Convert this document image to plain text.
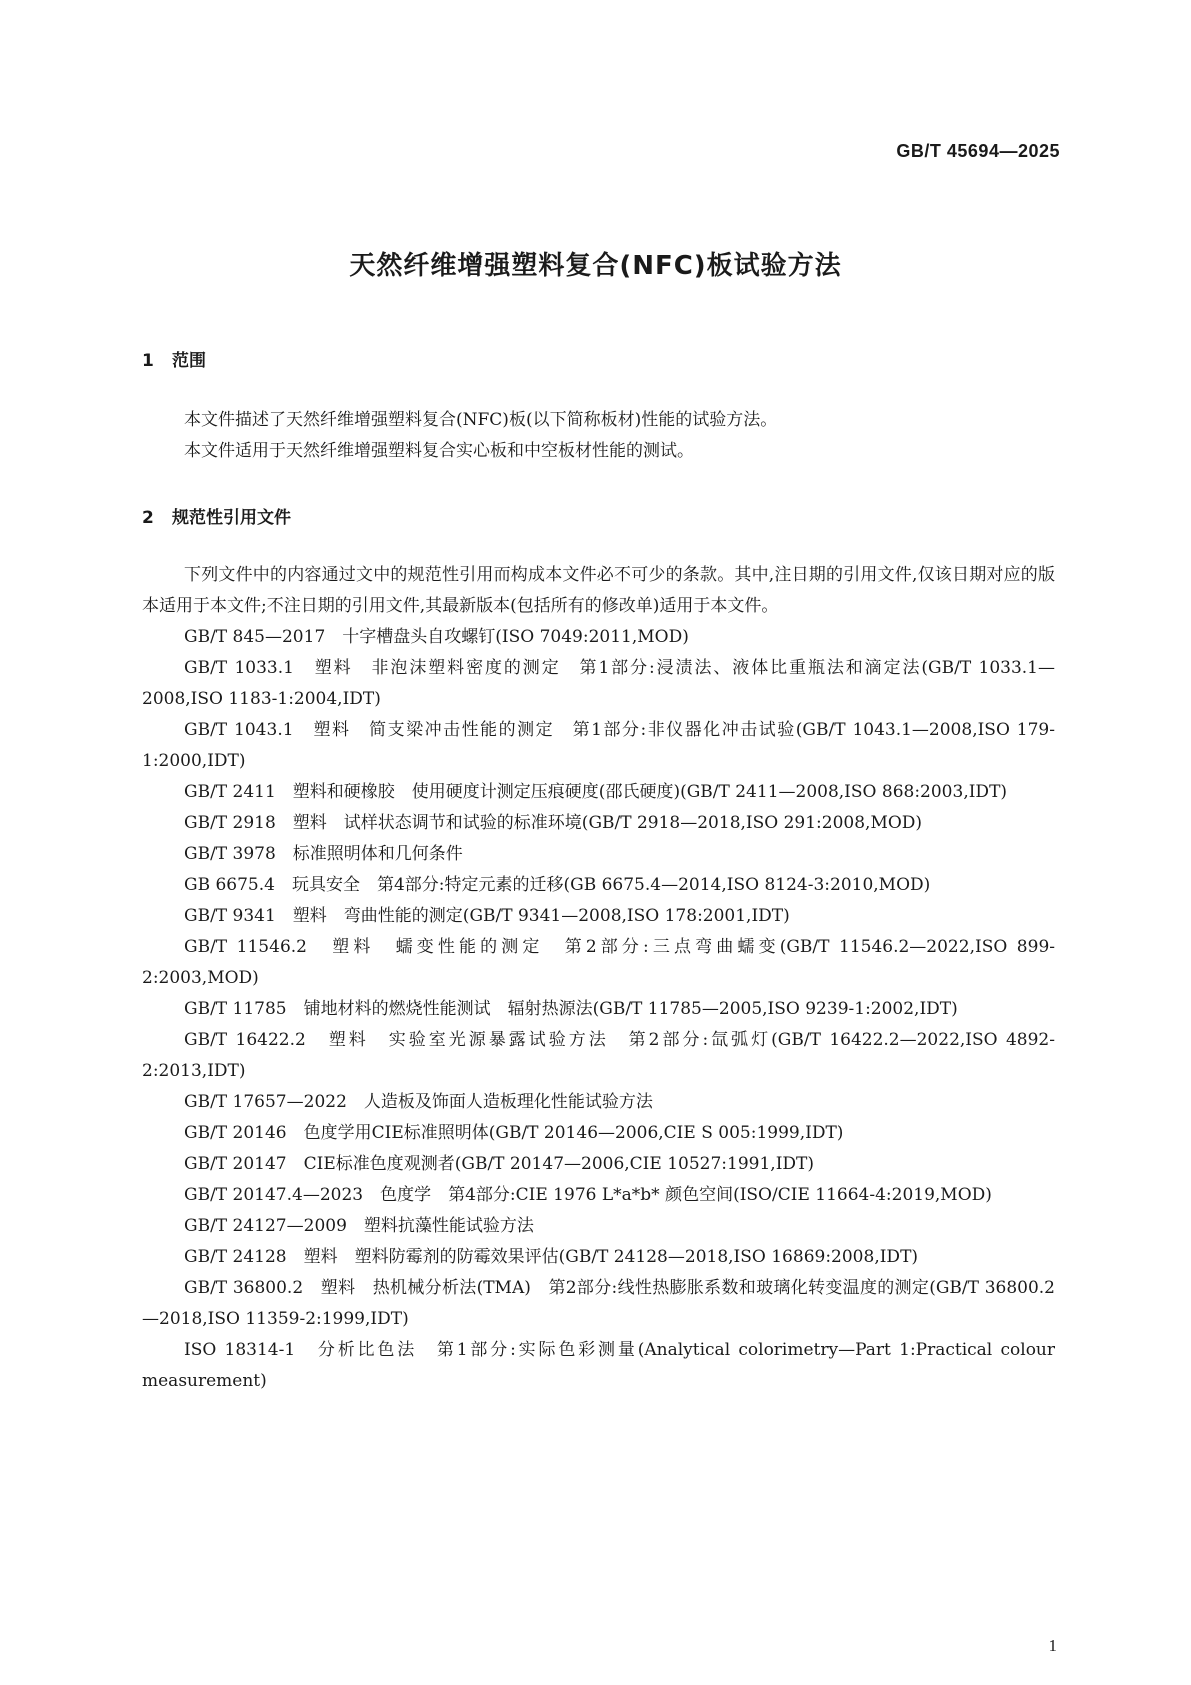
GB/T 45694—2025
天然纤维增强塑料复合(NFC)板试验方法
1 范围

本文件描述了天然纤维增强塑料复合(NFC)板(以下简称板材)性能的试验方法。

本文件适用于天然纤维增强塑料复合实心板和中空板材性能的测试。

2 规范性引用文件

下列文件中的内容通过文中的规范性引用而构成本文件必不可少的条款。其中,注日期的引用文件,仅该日期对应的版本适用于本文件;不注日期的引用文件,其最新版本(包括所有的修改单)适用于本文件。

GB/T 845—2017　十字槽盘头自攻螺钉(ISO 7049:2011,MOD)

GB/T 1033.1　塑料　非泡沫塑料密度的测定　第1部分:浸渍法、液体比重瓶法和滴定法(GB/T 1033.1—2008,ISO 1183-1:2004,IDT)

GB/T 1043.1　塑料　简支梁冲击性能的测定　第1部分:非仪器化冲击试验(GB/T 1043.1—2008,ISO 179-1:2000,IDT)

GB/T 2411　塑料和硬橡胶　使用硬度计测定压痕硬度(邵氏硬度)(GB/T 2411—2008,ISO 868:2003,IDT)

GB/T 2918　塑料　试样状态调节和试验的标准环境(GB/T 2918—2018,ISO 291:2008,MOD)

GB/T 3978　标准照明体和几何条件

GB 6675.4　玩具安全　第4部分:特定元素的迁移(GB 6675.4—2014,ISO 8124-3:2010,MOD)

GB/T 9341　塑料　弯曲性能的测定(GB/T 9341—2008,ISO 178:2001,IDT)

GB/T 11546.2　塑料　蠕变性能的测定　第2部分:三点弯曲蠕变(GB/T 11546.2—2022,ISO 899-2:2003,MOD)

GB/T 11785　铺地材料的燃烧性能测试　辐射热源法(GB/T 11785—2005,ISO 9239-1:2002,IDT)

GB/T 16422.2　塑料　实验室光源暴露试验方法　第2部分:氙弧灯(GB/T 16422.2—2022,ISO 4892-2:2013,IDT)

GB/T 17657—2022　人造板及饰面人造板理化性能试验方法

GB/T 20146　色度学用CIE标准照明体(GB/T 20146—2006,CIE S 005:1999,IDT)

GB/T 20147　CIE标准色度观测者(GB/T 20147—2006,CIE 10527:1991,IDT)

GB/T 20147.4—2023　色度学　第4部分:CIE 1976 L*a*b* 颜色空间(ISO/CIE 11664-4:2019,MOD)

GB/T 24127—2009　塑料抗藻性能试验方法

GB/T 24128　塑料　塑料防霉剂的防霉效果评估(GB/T 24128—2018,ISO 16869:2008,IDT)

GB/T 36800.2　塑料　热机械分析法(TMA)　第2部分:线性热膨胀系数和玻璃化转变温度的测定(GB/T 36800.2—2018,ISO 11359-2:1999,IDT)

ISO 18314-1　分析比色法　第1部分:实际色彩测量(Analytical colorimetry—Part 1:Practical colour measurement)

1
